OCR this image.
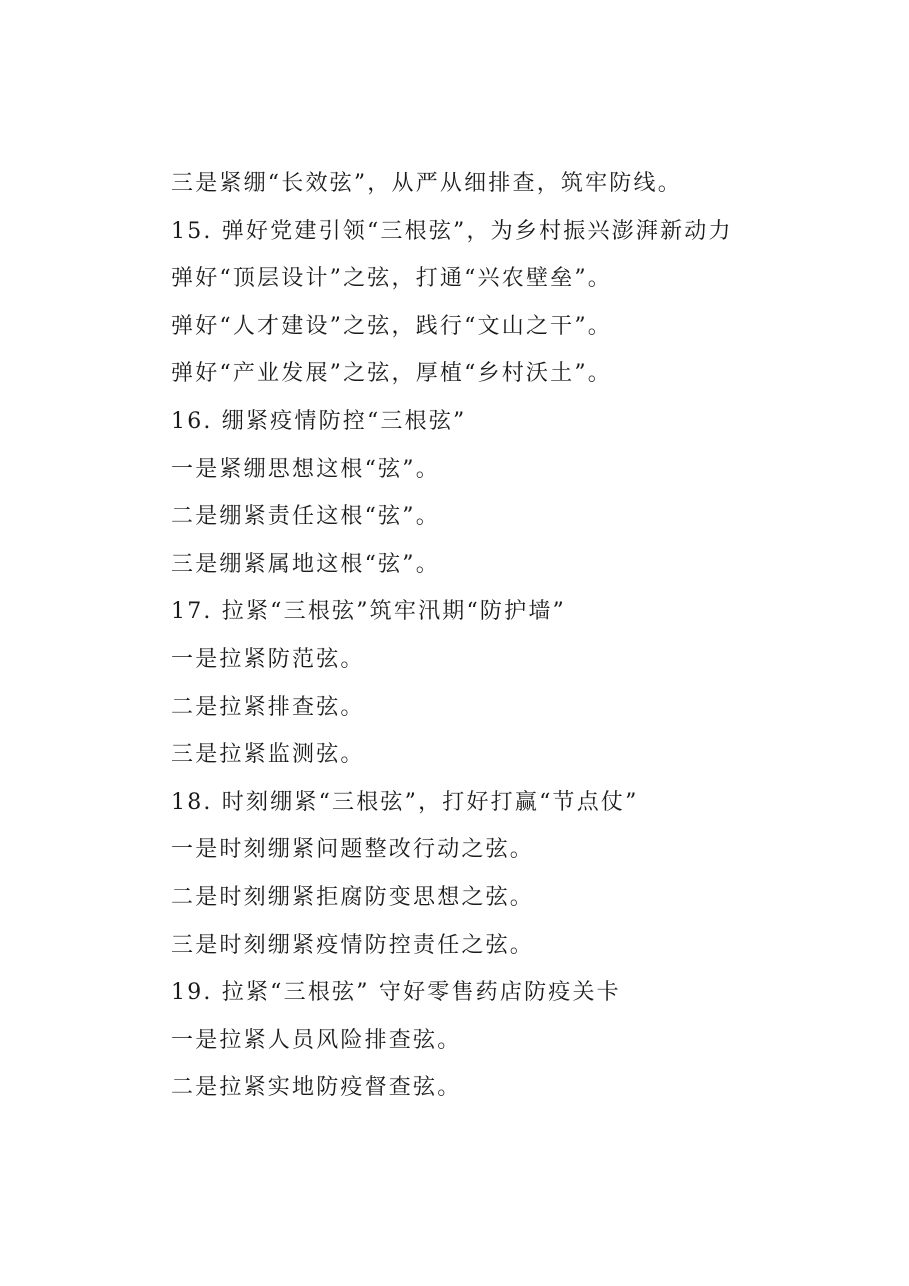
三是紧绷“长效弦”，从严从细排查，筑牢防线。
15. 弹好党建引领“三根弦”，为乡村振兴澎湃新动力
弹好“顶层设计”之弦，打通“兴农壁垒”。
弹好“人才建设”之弦，践行“文山之干”。
弹好“产业发展”之弦，厚植“乡村沃土”。
16. 绷紧疫情防控“三根弦”
一是紧绷思想这根“弦”。
二是绷紧责任这根“弦”。
三是绷紧属地这根“弦”。
17. 拉紧“三根弦”筑牢汛期“防护墙”
一是拉紧防范弦。
二是拉紧排查弦。
三是拉紧监测弦。
18. 时刻绷紧“三根弦”，打好打赢“节点仗”
一是时刻绷紧问题整改行动之弦。
二是时刻绷紧拒腐防变思想之弦。
三是时刻绷紧疫情防控责任之弦。
19. 拉紧“三根弦” 守好零售药店防疫关卡
一是拉紧人员风险排查弦。
二是拉紧实地防疫督查弦。
